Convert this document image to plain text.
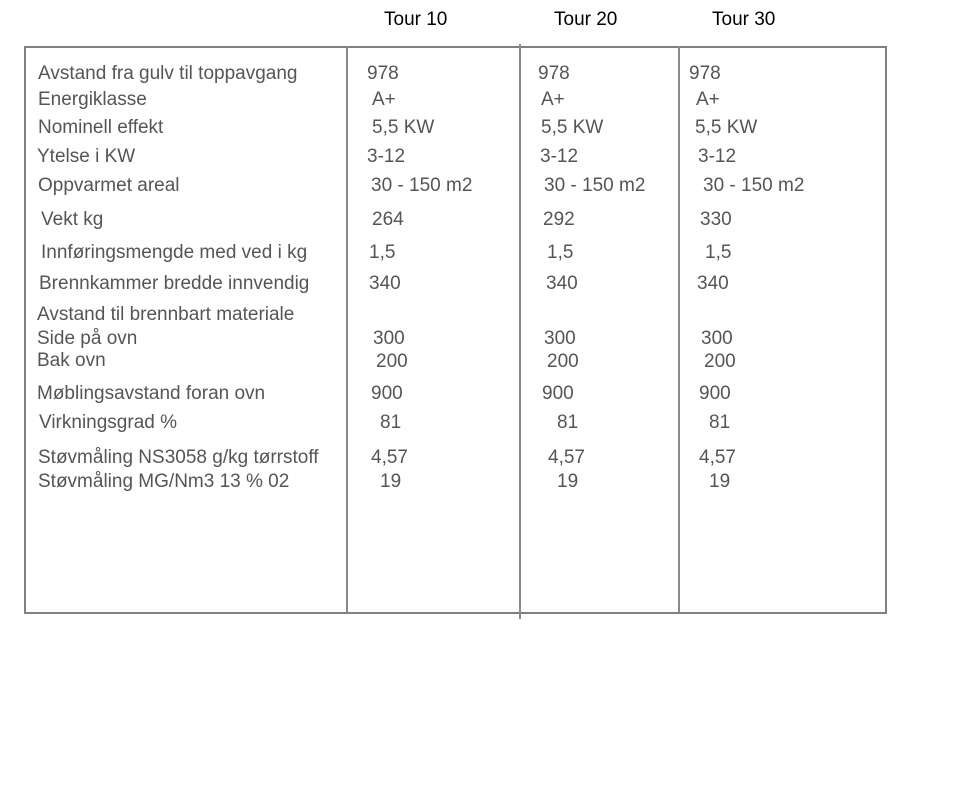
Tour 10	Tour 20	Tour 30
Avstand fra gulv til toppavgang	978	978	978
Energiklasse	A+	A+	A+
Nominell effekt	5,5 KW	5,5 KW	5,5 KW
Ytelse i KW	3-12	3-12	3-12
Oppvarmet areal	30 - 150 m2	30 - 150 m2	30 - 150 m2
Vekt kg	264	292	330
Innføringsmengde med ved i kg	1,5	1,5	1,5
Brennkammer bredde innvendig	340	340	340
Avstand til brennbart materiale
Side på ovn	300	300	300
Bak ovn	200	200	200
Møblingsavstand foran ovn	900	900	900
Virkningsgrad %	81	81	81
Støvmåling NS3058 g/kg tørrstoff	4,57	4,57	4,57
Støvmåling MG/Nm3 13 % 02	19	19	19
